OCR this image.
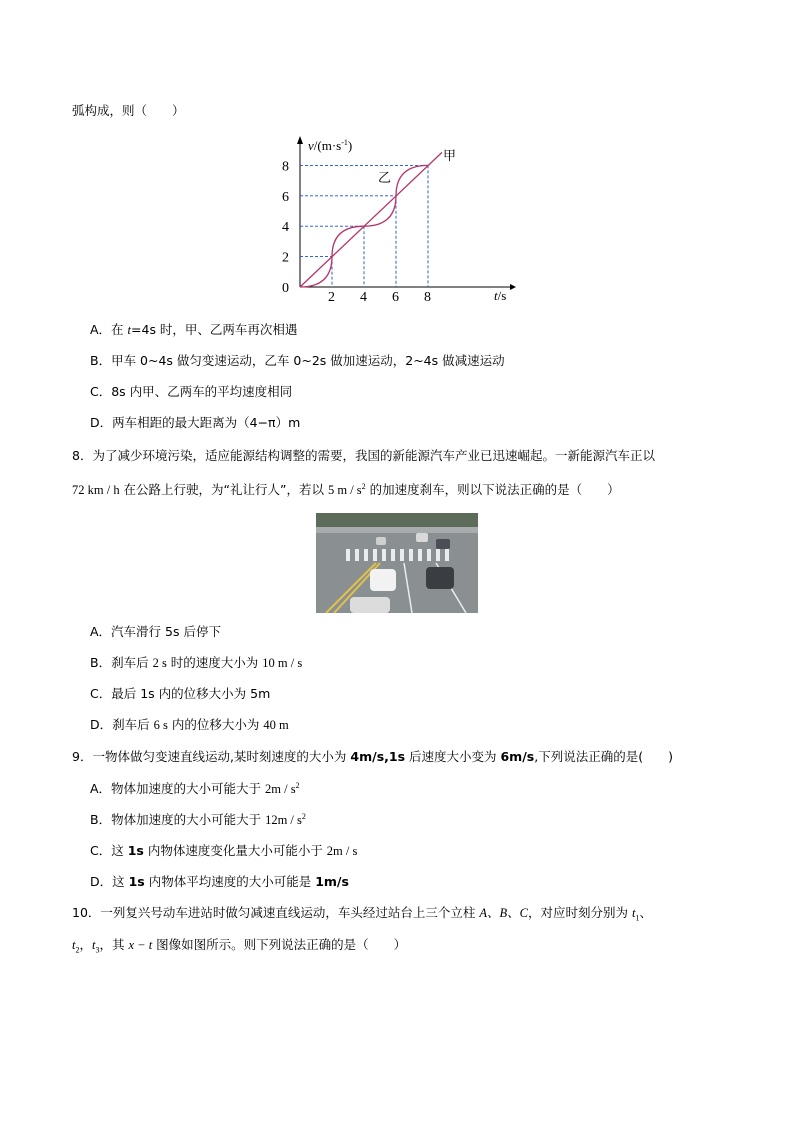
弧构成，则（　　）
2 4 6 8
2
4
6
8
$v/(m\cdot s^{-1})$
t/s
0
甲
乙
A．在 t=4s 时，甲、乙两车再次相遇
B．甲车 0~4s 做匀变速运动，乙车 0~2s 做加速运动，2~4s 做减速运动
C．8s 内甲、乙两车的平均速度相同
D．两车相距的最大距离为（4−π）m
8．为了减少环境污染，适应能源结构调整的需要，我国的新能源汽车产业已迅速崛起。一新能源汽车正以
72 km / h 在公路上行驶，为“礼让行人”，若以 5 m / $s^2$ 的加速度刹车，则以下说法正确的是（　　）
A．汽车滑行 5s 后停下
B．刹车后 2 s 时的速度大小为 10 m / s
C．最后 1s 内的位移大小为 5m
D．刹车后 6 s 内的位移大小为 40 m
9．一物体做匀变速直线运动,某时刻速度的大小为 4m/s,1s 后速度大小变为 6m/s,下列说法正确的是(　　)
A．物体加速度的大小可能大于 $2m / s^2$
B．物体加速度的大小可能大于 $12m / s^2$
C．这 1s 内物体速度变化量大小可能小于 2m / s
D．这 1s 内物体平均速度的大小可能是 1m/s
10．一列复兴号动车进站时做匀减速直线运动，车头经过站台上三个立柱 A、B、C，对应时刻分别为 $t_1$、
$t_2$，$t_3$，其 x − t 图像如图所示。则下列说法正确的是（　　）
